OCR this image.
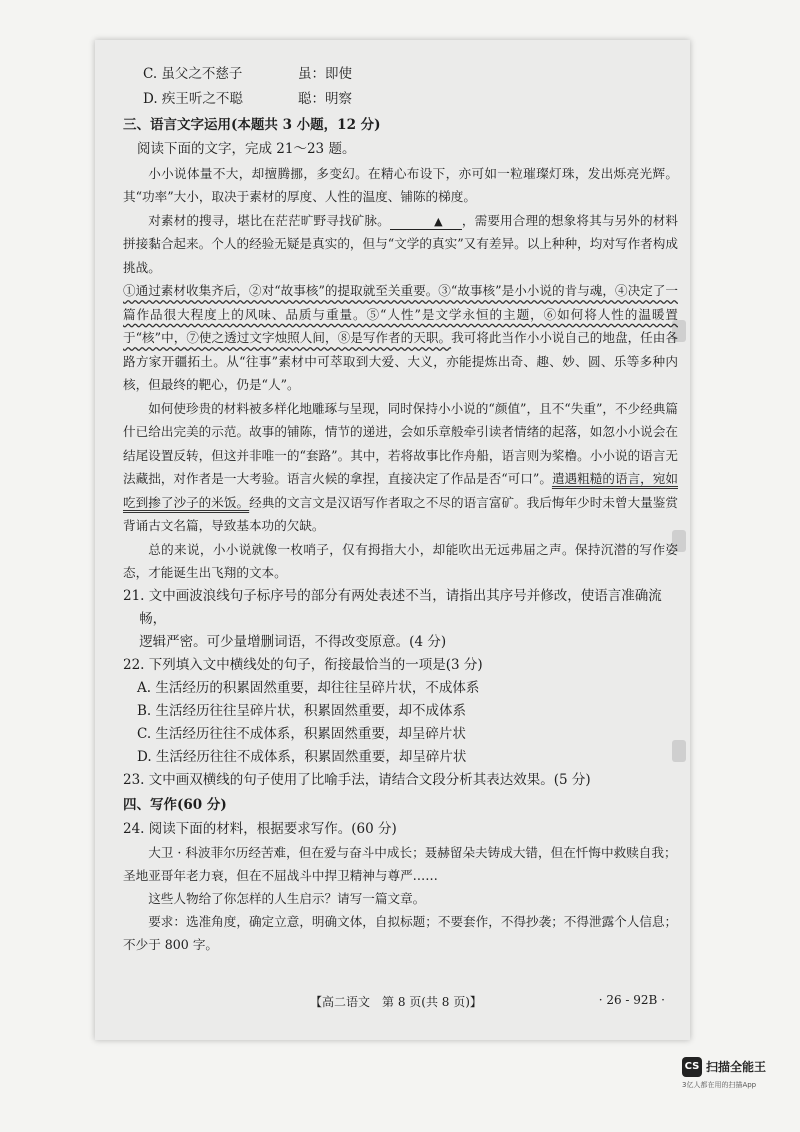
C. 虽父之不慈子	虽：即使
D. 疾王听之不聪	聪：明察
三、语言文字运用(本题共 3 小题，12 分)
阅读下面的文字，完成 21～23 题。

小小说体量不大，却擅腾挪，多变幻。在精心布设下，亦可如一粒璀璨灯珠，发出烁亮光辉。其“功率”大小，取决于素材的厚度、人性的温度、铺陈的梯度。

对素材的搜寻，堪比在茫茫旷野寻找矿脉。	▲ ，需要用合理的想象将其与另外的材料拼接黏合起来。个人的经验无疑是真实的，但与“文学的真实”又有差异。以上种种，均对写作者构成挑战。

①通过素材收集齐后，②对“故事核”的提取就至关重要。③“故事核”是小小说的肯与魂，④决定了一篇作品很大程度上的风味、品质与重量。⑤“人性”是文学永恒的主题，⑥如何将人性的温暖置于“核”中，⑦使之透过文字烛照人间，⑧是写作者的天职。我可将此当作小小说自己的地盘，任由各路方家开疆拓土。从“往事”素材中可萃取到大爱、大义，亦能提炼出奇、趣、妙、圆、乐等多种内核，但最终的靶心，仍是“人”。

如何使珍贵的材料被多样化地雕琢与呈现，同时保持小小说的“颜值”，且不“失重”，不少经典篇什已给出完美的示范。故事的铺陈，情节的递进，会如乐章般牵引读者情绪的起落，如忽小小说会在结尾设置反转，但这并非唯一的“套路”。其中，若将故事比作舟船，语言则为桨橹。小小说的语言无法藏拙，对作者是一大考验。语言火候的拿捏，直接决定了作品是否“可口”。遣遇粗糙的语言，宛如吃到掺了沙子的米饭。经典的文言文是汉语写作者取之不尽的语言富矿。我后悔年少时未曾大量鉴赏背诵古文名篇，导致基本功的欠缺。

总的来说，小小说就像一枚哨子，仅有拇指大小，却能吹出无远弗届之声。保持沉潜的写作姿态，才能诞生出飞翔的文本。

21. 文中画波浪线句子标序号的部分有两处表述不当，请指出其序号并修改，使语言准确流畅，
逻辑严密。可少量增删词语，不得改变原意。(4 分)
22. 下列填入文中横线处的句子，衔接最恰当的一项是(3 分)
A. 生活经历的积累固然重要，却往往呈碎片状，不成体系
B. 生活经历往往呈碎片状，积累固然重要，却不成体系
C. 生活经历往往不成体系，积累固然重要，却呈碎片状
D. 生活经历往往不成体系，积累固然重要，却呈碎片状
23. 文中画双横线的句子使用了比喻手法，请结合文段分析其表达效果。(5 分)
四、写作(60 分)
24. 阅读下面的材料，根据要求写作。(60 分)

大卫 · 科波菲尔历经苦难，但在爱与奋斗中成长；聂赫留朵夫铸成大错，但在忏悔中救赎自我；圣地亚哥年老力衰，但在不屈战斗中捍卫精神与尊严……

这些人物给了你怎样的人生启示？请写一篇文章。

要求：选准角度，确定立意，明确文体，自拟标题；不要套作，不得抄袭；不得泄露个人信息；不少于 800 字。

【高二语文　第 8 页(共 8 页)】	· 26 - 92B ·
CS 扫描全能王
3亿人都在用的扫描App
